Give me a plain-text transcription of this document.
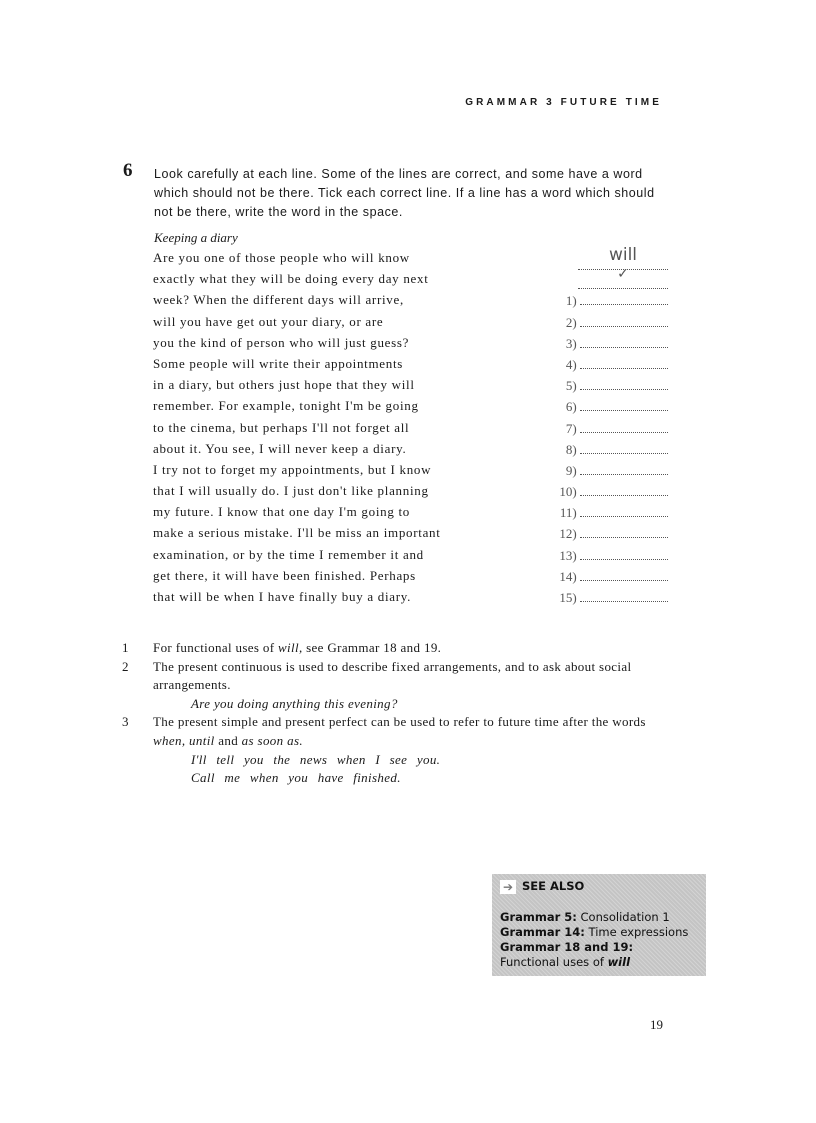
GRAMMAR 3 FUTURE TIME
6 Look carefully at each line. Some of the lines are correct, and some have a word which should not be there. Tick each correct line. If a line has a word which should not be there, write the word in the space.

Keeping a diary
Are you one of those people who will know	will
exactly what they will be doing every day next	✓
week? When the different days will arrive,	1)
will you have get out your diary, or are	2)
you the kind of person who will just guess?	3)
Some people will write their appointments	4)
in a diary, but others just hope that they will	5)
remember. For example, tonight I'm be going	6)
to the cinema, but perhaps I'll not forget all	7)
about it. You see, I will never keep a diary.	8)
I try not to forget my appointments, but I know	9)
that I will usually do. I just don't like planning	10)
my future. I know that one day I'm going to	11)
make a serious mistake. I'll be miss an important	12)
examination, or by the time I remember it and	13)
get there, it will have been finished. Perhaps	14)
that will be when I have finally buy a diary.	15)
1 For functional uses of will, see Grammar 18 and 19.
2 The present continuous is used to describe fixed arrangements, and to ask about social arrangements.
Are you doing anything this evening?
3 The present simple and present perfect can be used to refer to future time after the words when, until and as soon as.
I'll tell you the news when I see you.
Call me when you have finished.
➔ SEE ALSO
Grammar 5: Consolidation 1
Grammar 14: Time expressions
Grammar 18 and 19:
Functional uses of will
19
